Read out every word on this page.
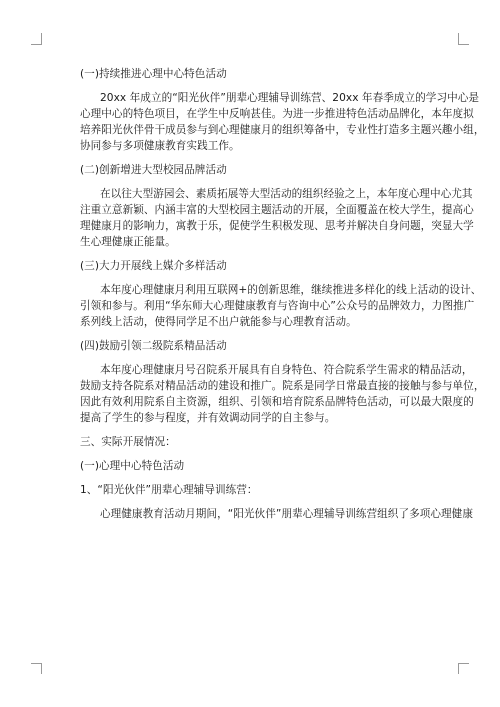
(一)持续推进心理中心特色活动
20xx 年成立的“阳光伙伴”朋辈心理辅导训练营、20xx 年春季成立的学习中心是
心理中心的特色项目，在学生中反响甚佳。为进一步推进特色活动品牌化，本年度拟
培养阳光伙伴骨干成员参与到心理健康月的组织筹备中，专业性打造多主题兴趣小组，
协同参与多项健康教育实践工作。
(二)创新增进大型校园品牌活动
在以往大型游园会、素质拓展等大型活动的组织经验之上，本年度心理中心尤其
注重立意新颖、内涵丰富的大型校园主题活动的开展，全面覆盖在校大学生，提高心
理健康月的影响力，寓教于乐，促使学生积极发现、思考并解决自身问题，突显大学
生心理健康正能量。
(三)大力开展线上媒介多样活动
本年度心理健康月利用互联网+的创新思维，继续推进多样化的线上活动的设计、
引领和参与。利用“华东师大心理健康教育与咨询中心”公众号的品牌效力，力图推广
系列线上活动，使得同学足不出户就能参与心理教育活动。
(四)鼓励引领二级院系精品活动
本年度心理健康月号召院系开展具有自身特色、符合院系学生需求的精品活动，
鼓励支持各院系对精品活动的建设和推广。院系是同学日常最直接的接触与参与单位，
因此有效利用院系自主资源，组织、引领和培育院系品牌特色活动，可以最大限度的
提高了学生的参与程度，并有效调动同学的自主参与。
三、实际开展情况：
(一)心理中心特色活动
1、“阳光伙伴”朋辈心理辅导训练营：
心理健康教育活动月期间，“阳光伙伴”朋辈心理辅导训练营组织了多项心理健康
